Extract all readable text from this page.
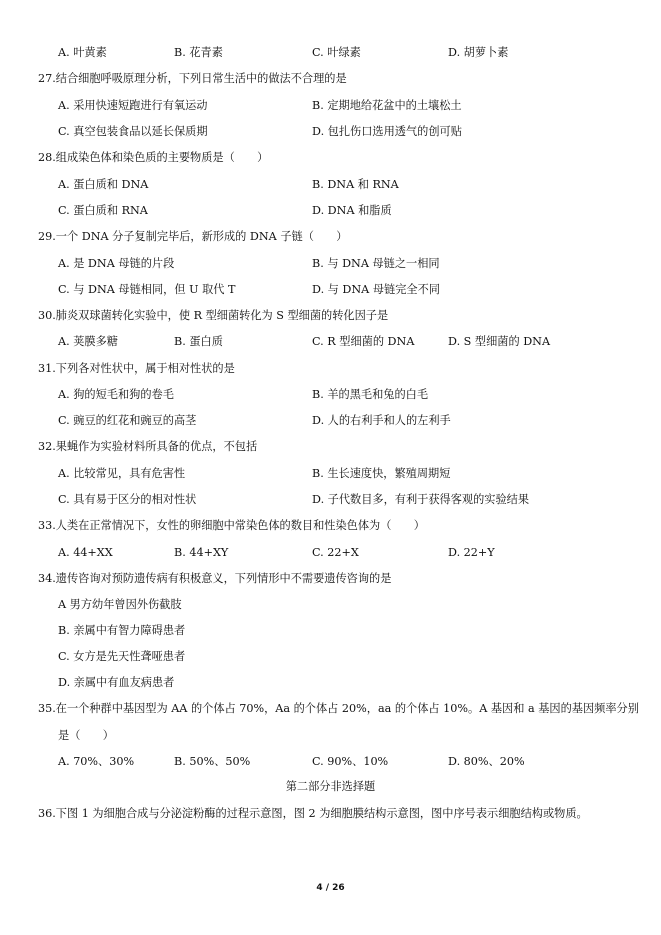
A. 叶黄素	B. 花青素	C. 叶绿素	D. 胡萝卜素
27.结合细胞呼吸原理分析，下列日常生活中的做法不合理的是
A. 采用快速短跑进行有氧运动	B. 定期地给花盆中的土壤松土
C. 真空包装食品以延长保质期	D. 包扎伤口选用透气的创可贴
28.组成染色体和染色质的主要物质是（　　）
A. 蛋白质和 DNA	B. DNA 和 RNA
C. 蛋白质和 RNA	D. DNA 和脂质
29.一个 DNA 分子复制完毕后，新形成的 DNA 子链（　　）
A. 是 DNA 母链的片段	B. 与 DNA 母链之一相同
C. 与 DNA 母链相同，但 U 取代 T	D. 与 DNA 母链完全不同
30.肺炎双球菌转化实验中，使 R 型细菌转化为 S 型细菌的转化因子是
A. 荚膜多糖	B. 蛋白质	C. R 型细菌的 DNA	D. S 型细菌的 DNA
31.下列各对性状中，属于相对性状的是
A. 狗的短毛和狗的卷毛	B. 羊的黑毛和兔的白毛
C. 豌豆的红花和豌豆的高茎	D. 人的右利手和人的左利手
32.果蝇作为实验材料所具备的优点，不包括
A. 比较常见，具有危害性	B. 生长速度快，繁殖周期短
C. 具有易于区分的相对性状	D. 子代数目多，有利于获得客观的实验结果
33.人类在正常情况下，女性的卵细胞中常染色体的数目和性染色体为（　　）
A. 44+XX	B. 44+XY	C. 22+X	D. 22+Y
34.遗传咨询对预防遗传病有积极意义，下列情形中不需要遗传咨询的是
A 男方幼年曾因外伤截肢
B. 亲属中有智力障碍患者
C. 女方是先天性聋哑患者
D. 亲属中有血友病患者
35.在一个种群中基因型为 AA 的个体占 70%，Aa 的个体占 20%，aa 的个体占 10%。A 基因和 a 基因的基因频率分别
是（　　）
A. 70%、30%	B. 50%、50%	C. 90%、10%	D. 80%、20%
第二部分非选择题
36.下图 1 为细胞合成与分泌淀粉酶的过程示意图，图 2 为细胞膜结构示意图，图中序号表示细胞结构或物质。
4 / 26
